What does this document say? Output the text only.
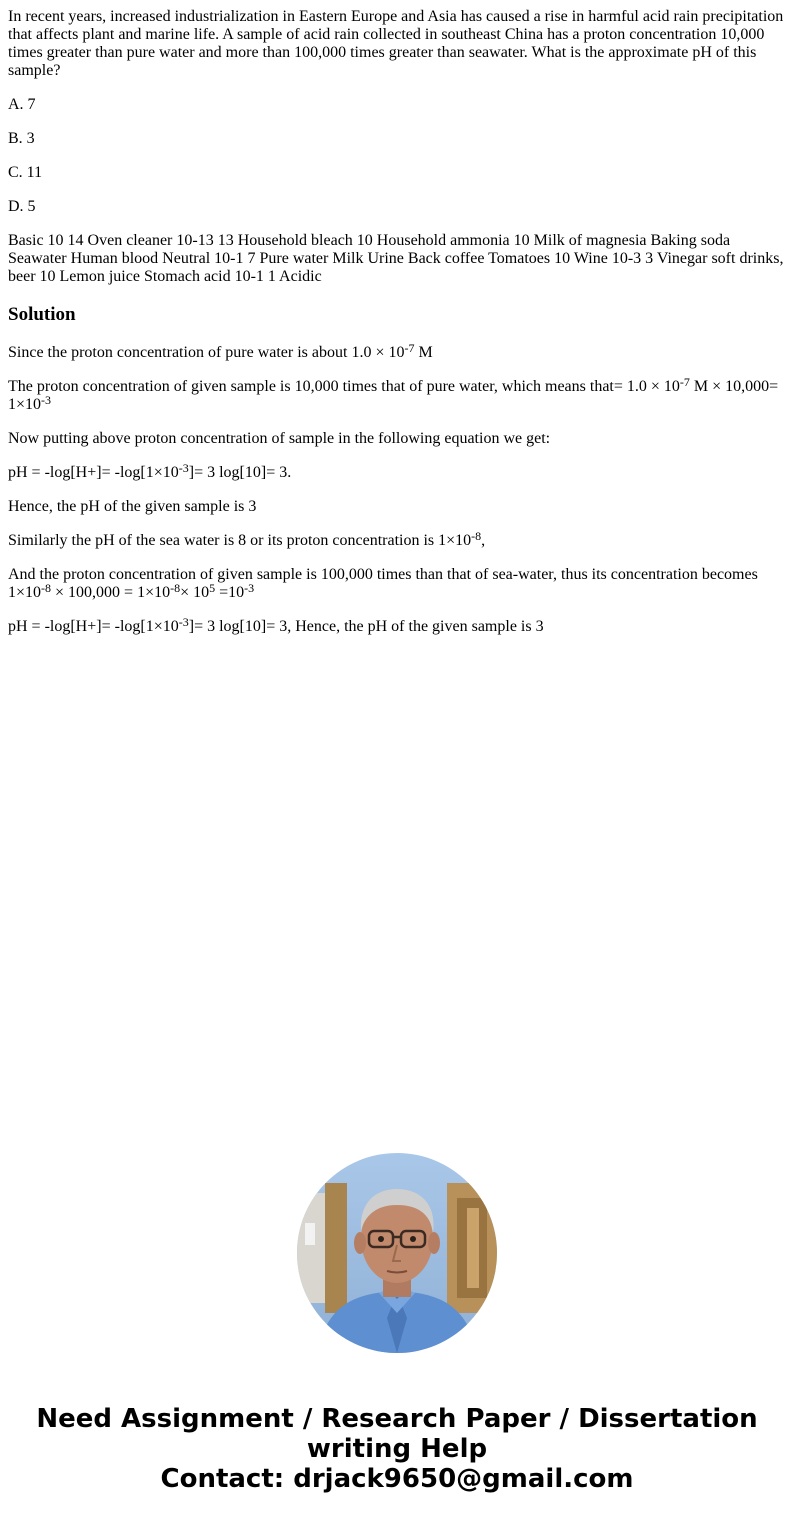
In recent years, increased industrialization in Eastern Europe and Asia has caused a rise in harmful acid rain precipitation that affects plant and marine life. A sample of acid rain collected in southeast China has a proton concentration 10,000 times greater than pure water and more than 100,000 times greater than seawater. What is the approximate pH of this sample?

A. 7

B. 3

C. 11

D. 5

Basic 10 14 Oven cleaner 10-13 13 Household bleach 10 Household ammonia 10 Milk of magnesia Baking soda Seawater Human blood Neutral 10-1 7 Pure water Milk Urine Back coffee Tomatoes 10 Wine 10-3 3 Vinegar soft drinks, beer 10 Lemon juice Stomach acid 10-1 1 Acidic

Solution

Since the proton concentration of pure water is about $1.0 \times 10^{-7}$ M

The proton concentration of given sample is 10,000 times that of pure water, which means that= $1.0 \times 10^{-7}$ $M \times 10,000= 1\times 10^{-3}$

Now putting above proton concentration of sample in the following equation we get:

pH = $-\log[H+]= -\log[1\times 10^{-3}]= 3$ log[10]= 3.

Hence, the pH of the given sample is 3

Similarly the pH of the sea water is 8 or its proton concentration is $1\times 10^{-8}$,

And the proton concentration of given sample is 100,000 times than that of sea-water, thus its concentration becomes $1\times 10^{-8} \times 100,000 = 1\times 10^{-8}\times 10^5 =10^{-3}$

pH = $-\log[H+]= -\log[1\times 10^{-3}]= 3$ log[10]= 3, Hence, the pH of the given sample is 3

Need Assignment / Research Paper / Dissertation
writing Help
Contact: drjack9650@gmail.com
